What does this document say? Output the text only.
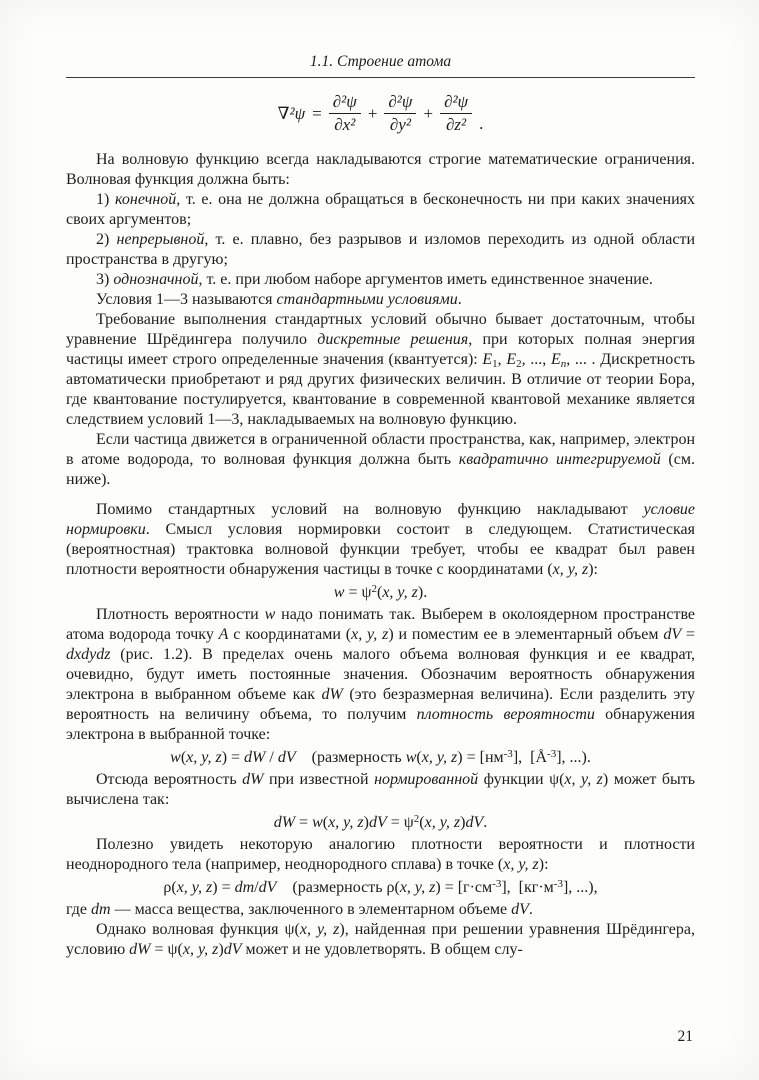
1.1. Строение атома
$\nabla^2\psi = \frac{\text{∂²ψ}}{\text{∂x²}} + \frac{\text{∂²ψ}}{\text{∂y²}} + \frac{\text{∂²ψ}}{\text{∂z²}}$ .

На волновую функцию всегда накладываются строгие математические ограничения. Волновая функция должна быть:

1) конечной, т. е. она не должна обращаться в бесконечность ни при каких значениях своих аргументов;

2) непрерывной, т. е. плавно, без разрывов и изломов переходить из одной области пространства в другую;

3) однозначной, т. е. при любом наборе аргументов иметь единственное значение.

Условия 1—3 называются стандартными условиями.

Требование выполнения стандартных условий обычно бывает достаточным, чтобы уравнение Шрёдингера получило дискретные решения, при которых полная энергия частицы имеет строго определенные значения (квантуется): $E_1$, $E_2$, ..., $E_n$, ... . Дискретность автоматически приобретают и ряд других физических величин. В отличие от теории Бора, где квантование постулируется, квантование в современной квантовой механике является следствием условий 1—3, накладываемых на волновую функцию.

Если частица движется в ограниченной области пространства, как, например, электрон в атоме водорода, то волновая функция должна быть квадратично интегрируемой (см. ниже).

Помимо стандартных условий на волновую функцию накладывают условие нормировки. Смысл условия нормировки состоит в следующем. Статистическая (вероятностная) трактовка волновой функции требует, чтобы ее квадрат был равен плотности вероятности обнаружения частицы в точке с координатами (x, y, z):

$w = \psi^2(x$, y, z).

Плотность вероятности w надо понимать так. Выберем в околоядерном пространстве атома водорода точку A с координатами (x, y, z) и поместим ее в элементарный объем dV = dxdydz (рис. 1.2). В пределах очень малого объема волновая функция и ее квадрат, очевидно, будут иметь постоянные значения. Обозначим вероятность обнаружения электрона в выбранном объеме как dW (это безразмерная величина). Если разделить эту вероятность на величину объема, то получим плотность вероятности обнаружения электрона в выбранной точке:

w(x, y, z) = dW / dV (размерность w(x, y, $z) = [нм^{-3}]$,  $[Å^{-3}]$, ...).

Отсюда вероятность dW при известной нормированной функции ψ(x, y, z) может быть вычислена так:

dW = w(x, y, $z)dV = \psi^2(x$, y, z)dV.

Полезно увидеть некоторую аналогию плотности вероятности и плотности неоднородного тела (например, неоднородного сплава) в точке (x, y, z):

ρ(x, y, z) = dm/dV (размерность ρ(x, y, $z) = [г\cdot см^{-3}]$,  $[кг\cdot м^{-3}]$, ...),

где dm — масса вещества, заключенного в элементарном объеме dV.

Однако волновая функция ψ(x, y, z), найденная при решении уравнения Шрёдингера, условию dW = ψ(x, y, z)dV может и не удовлетворять. В общем слу-

21
